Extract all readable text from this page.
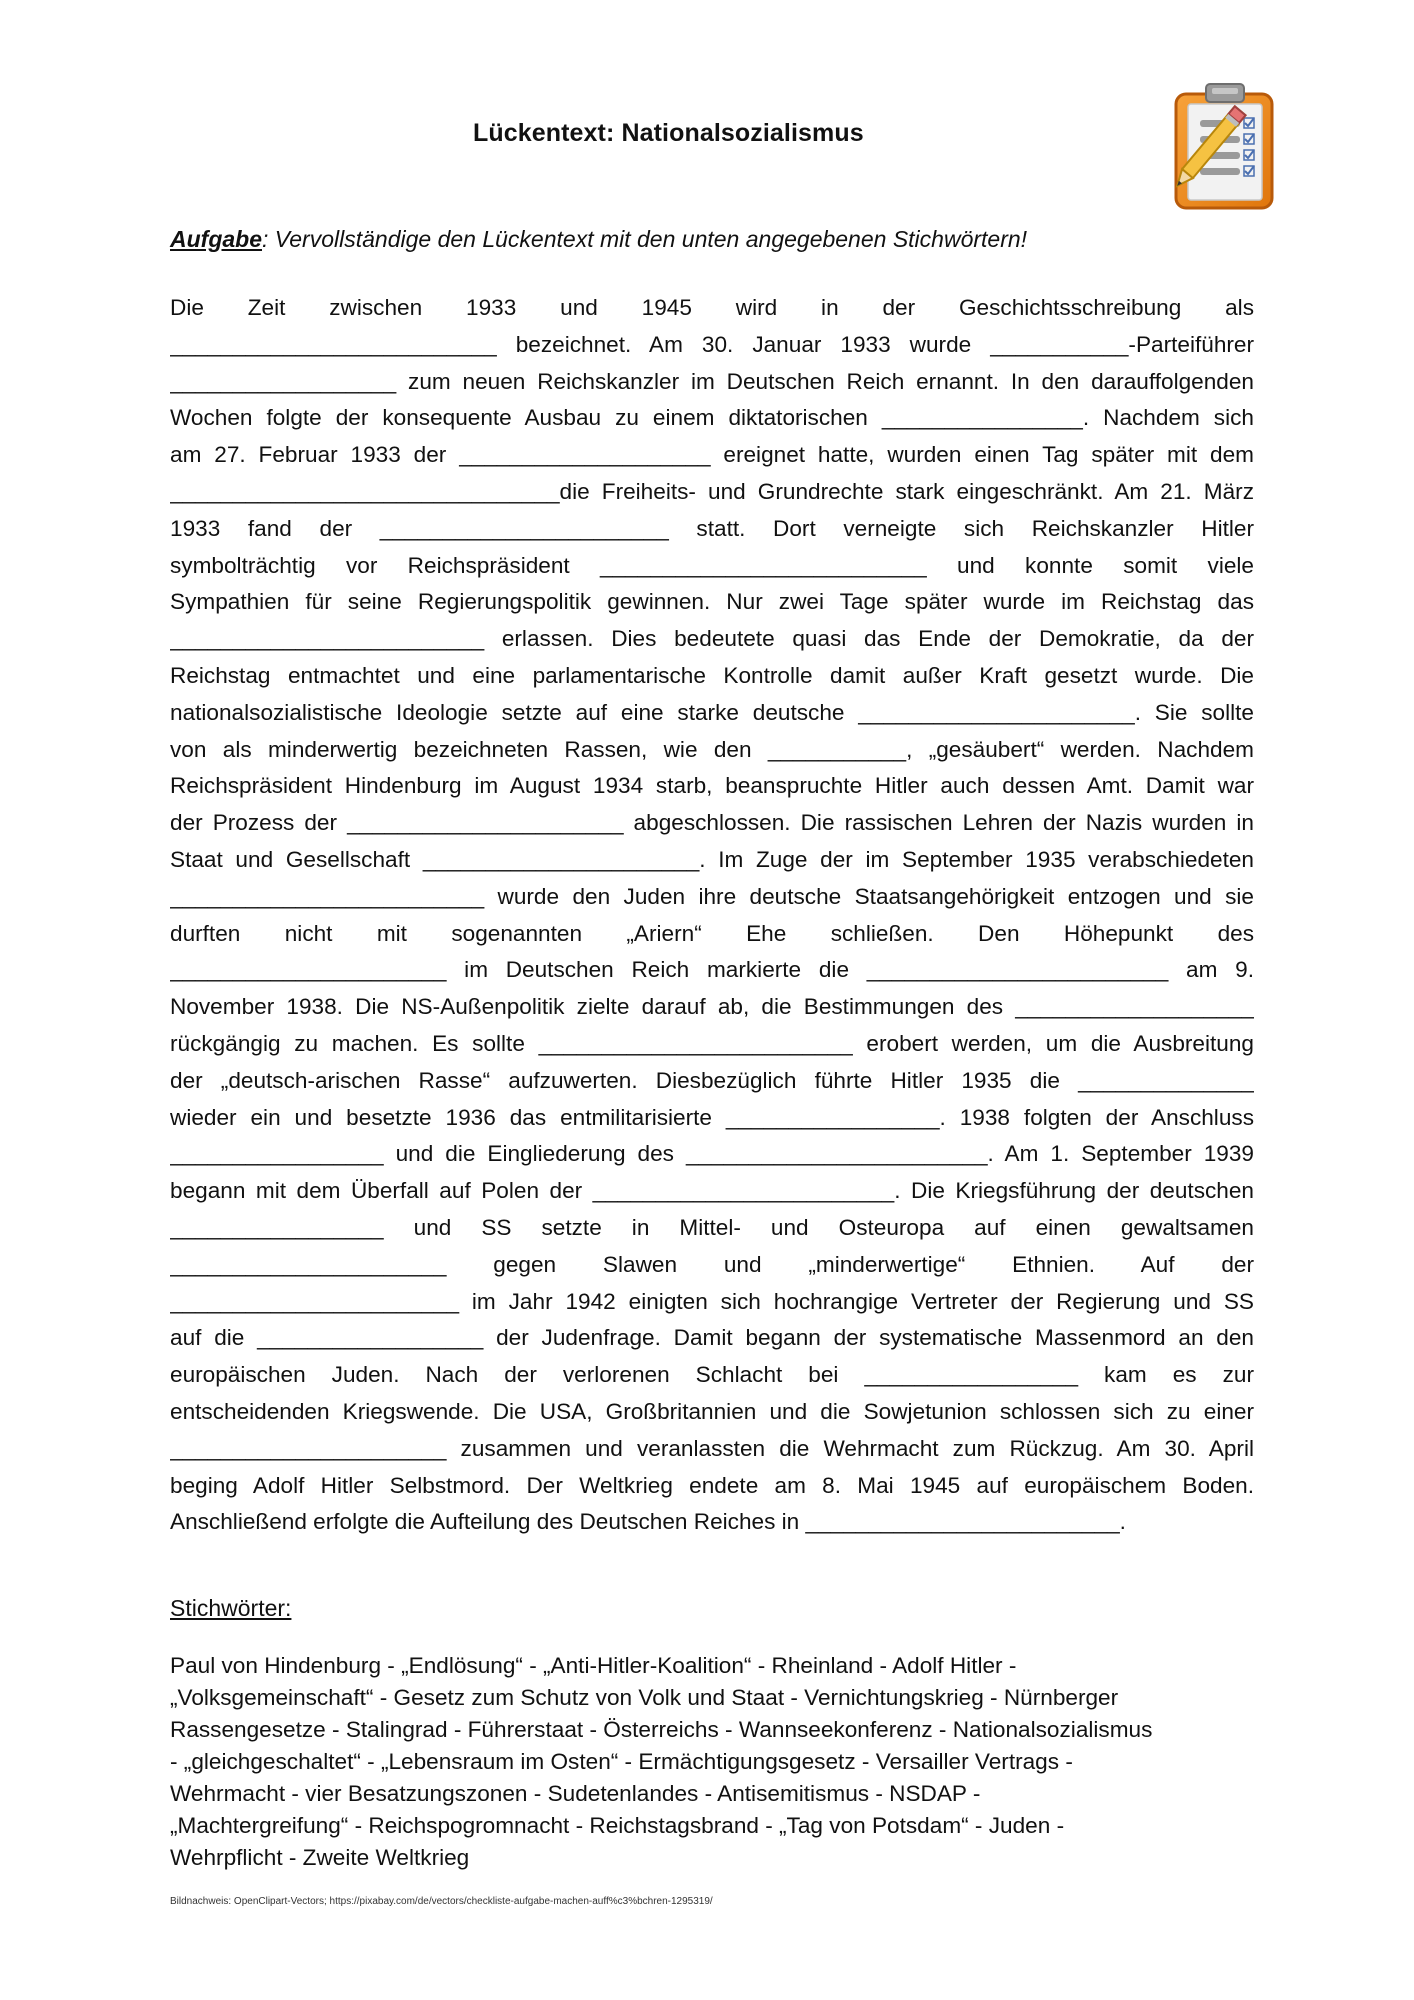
Lückentext: Nationalsozialismus
Aufgabe: Vervollständige den Lückentext mit den unten angegebenen Stichwörtern!
Die Zeit zwischen 1933 und 1945 wird in der Geschichtsschreibung als
__________________________ bezeichnet. Am 30. Januar 1933 wurde ___________-Parteiführer
__________________ zum neuen Reichskanzler im Deutschen Reich ernannt. In den darauffolgenden
Wochen folgte der konsequente Ausbau zu einem diktatorischen ________________. Nachdem sich
am 27. Februar 1933 der ____________________ ereignet hatte, wurden einen Tag später mit dem
_______________________________die Freiheits- und Grundrechte stark eingeschränkt. Am 21. März
1933 fand der _______________________ statt. Dort verneigte sich Reichskanzler Hitler
symbolträchtig vor Reichspräsident __________________________ und konnte somit viele
Sympathien für seine Regierungspolitik gewinnen. Nur zwei Tage später wurde im Reichstag das
_________________________ erlassen. Dies bedeutete quasi das Ende der Demokratie, da der
Reichstag entmachtet und eine parlamentarische Kontrolle damit außer Kraft gesetzt wurde. Die
nationalsozialistische Ideologie setzte auf eine starke deutsche ______________________. Sie sollte
von als minderwertig bezeichneten Rassen, wie den ___________, „gesäubert“ werden. Nachdem
Reichspräsident Hindenburg im August 1934 starb, beanspruchte Hitler auch dessen Amt. Damit war
der Prozess der ______________________ abgeschlossen. Die rassischen Lehren der Nazis wurden in
Staat und Gesellschaft ______________________. Im Zuge der im September 1935 verabschiedeten
_________________________ wurde den Juden ihre deutsche Staatsangehörigkeit entzogen und sie
durften nicht mit sogenannten „Ariern“ Ehe schließen. Den Höhepunkt des
______________________ im Deutschen Reich markierte die ________________________ am 9.
November 1938. Die NS-Außenpolitik zielte darauf ab, die Bestimmungen des ___________________
rückgängig zu machen. Es sollte _________________________ erobert werden, um die Ausbreitung
der „deutsch-arischen Rasse“ aufzuwerten. Diesbezüglich führte Hitler 1935 die ______________
wieder ein und besetzte 1936 das entmilitarisierte _________________. 1938 folgten der Anschluss
_________________ und die Eingliederung des ________________________. Am 1. September 1939
begann mit dem Überfall auf Polen der ________________________. Die Kriegsführung der deutschen
_________________ und SS setzte in Mittel- und Osteuropa auf einen gewaltsamen
______________________ gegen Slawen und „minderwertige“ Ethnien. Auf der
_______________________ im Jahr 1942 einigten sich hochrangige Vertreter der Regierung und SS
auf die __________________ der Judenfrage. Damit begann der systematische Massenmord an den
europäischen Juden. Nach der verlorenen Schlacht bei _________________ kam es zur
entscheidenden Kriegswende. Die USA, Großbritannien und die Sowjetunion schlossen sich zu einer
______________________ zusammen und veranlassten die Wehrmacht zum Rückzug. Am 30. April
beging Adolf Hitler Selbstmord. Der Weltkrieg endete am 8. Mai 1945 auf europäischem Boden.
Anschließend erfolgte die Aufteilung des Deutschen Reiches in _________________________.
Stichwörter:
Paul von Hindenburg - „Endlösung“ - „Anti-Hitler-Koalition“ - Rheinland - Adolf Hitler -
„Volksgemeinschaft“ - Gesetz zum Schutz von Volk und Staat - Vernichtungskrieg - Nürnberger
Rassengesetze - Stalingrad - Führerstaat - Österreichs - Wannseekonferenz - Nationalsozialismus
- „gleichgeschaltet“ - „Lebensraum im Osten“ - Ermächtigungsgesetz - Versailler Vertrags -
Wehrmacht - vier Besatzungszonen - Sudetenlandes - Antisemitismus - NSDAP -
„Machtergreifung“ - Reichspogromnacht - Reichstagsbrand - „Tag von Potsdam“ - Juden -
Wehrpflicht - Zweite Weltkrieg
Bildnachweis: OpenClipart-Vectors; https://pixabay.com/de/vectors/checkliste-aufgabe-machen-auff%c3%bchren-1295319/
